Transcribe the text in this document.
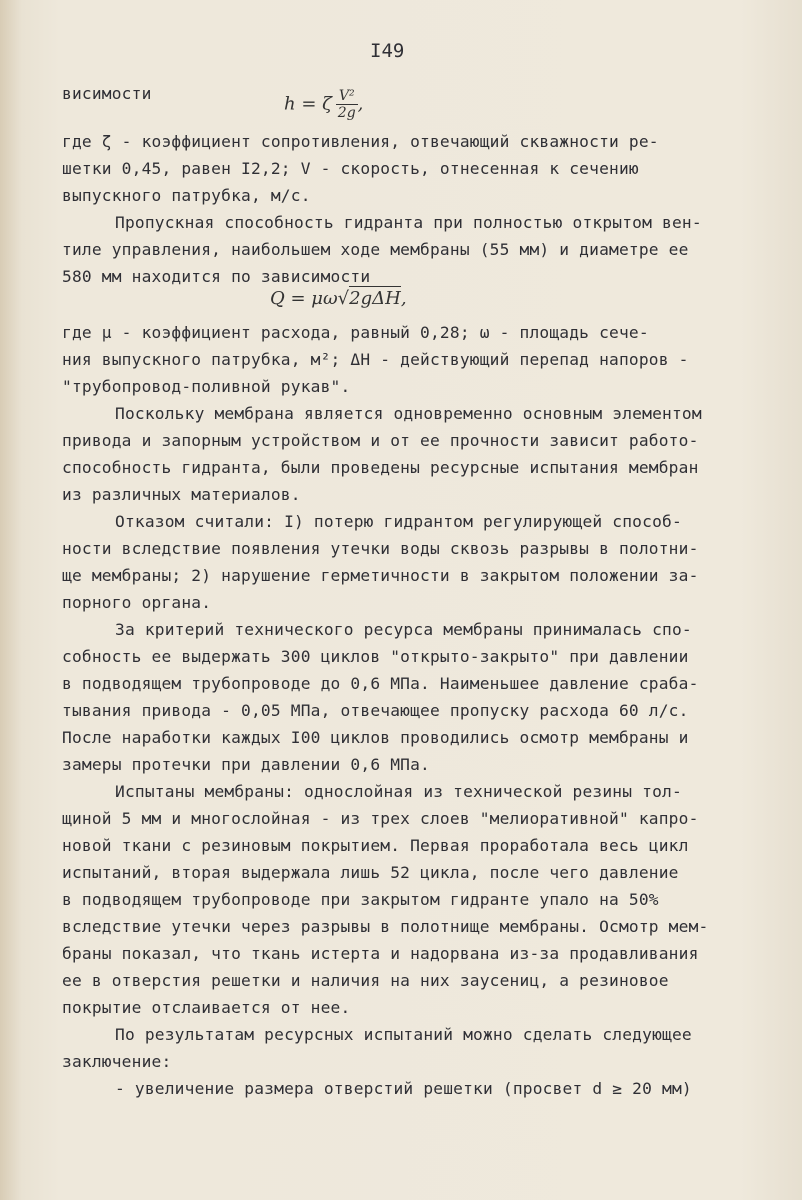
I49
висимости	h = ζ $\frac{\text{V²}}{2g}$ ,
где ζ - коэффициент сопротивления, отвечающий скважности ре-
шетки 0,45, равен I2,2; V - скорость, отнесенная к сечению
выпускного патрубка, м/с.
Пропускная способность гидранта при полностью открытом вен-
тиле управления, наибольшем ходе мембраны (55 мм) и диаметре ее
580 мм находится по зависимости
Q = μω√2gΔH,
где μ - коэффициент расхода, равный 0,28; ω - площадь сече-
ния выпускного патрубка, м²; ΔH - действующий перепад напоров -
"трубопровод-поливной рукав".
Поскольку мембрана является одновременно основным элементом
привода и запорным устройством и от ее прочности зависит работо-
способность гидранта, были проведены ресурсные испытания мембран
из различных материалов.
Отказом считали: I) потерю гидрантом регулирующей способ-
ности вследствие появления утечки воды сквозь разрывы в полотни-
ще мембраны; 2) нарушение герметичности в закрытом положении за-
порного органа.
За критерий технического ресурса мембраны принималась спо-
собность ее выдержать 300 циклов "открыто-закрыто" при давлении
в подводящем трубопроводе до 0,6 МПа. Наименьшее давление сраба-
тывания привода - 0,05 МПа, отвечающее пропуску расхода 60 л/с.
После наработки каждых I00 циклов проводились осмотр мембраны и
замеры протечки при давлении 0,6 МПа.
Испытаны мембраны: однослойная из технической резины тол-
щиной 5 мм и многослойная - из трех слоев "мелиоративной" капро-
новой ткани с резиновым покрытием. Первая проработала весь цикл
испытаний, вторая выдержала лишь 52 цикла, после чего давление
в подводящем трубопроводе при закрытом гидранте упало на 50%
вследствие утечки через разрывы в полотнище мембраны. Осмотр мем-
браны показал, что ткань истерта и надорвана из-за продавливания
ее в отверстия решетки и наличия на них заусениц, а резиновое
покрытие отслаивается от нее.
По результатам ресурсных испытаний можно сделать следующее
заключение:
- увеличение размера отверстий решетки (просвет d ≥ 20 мм)
